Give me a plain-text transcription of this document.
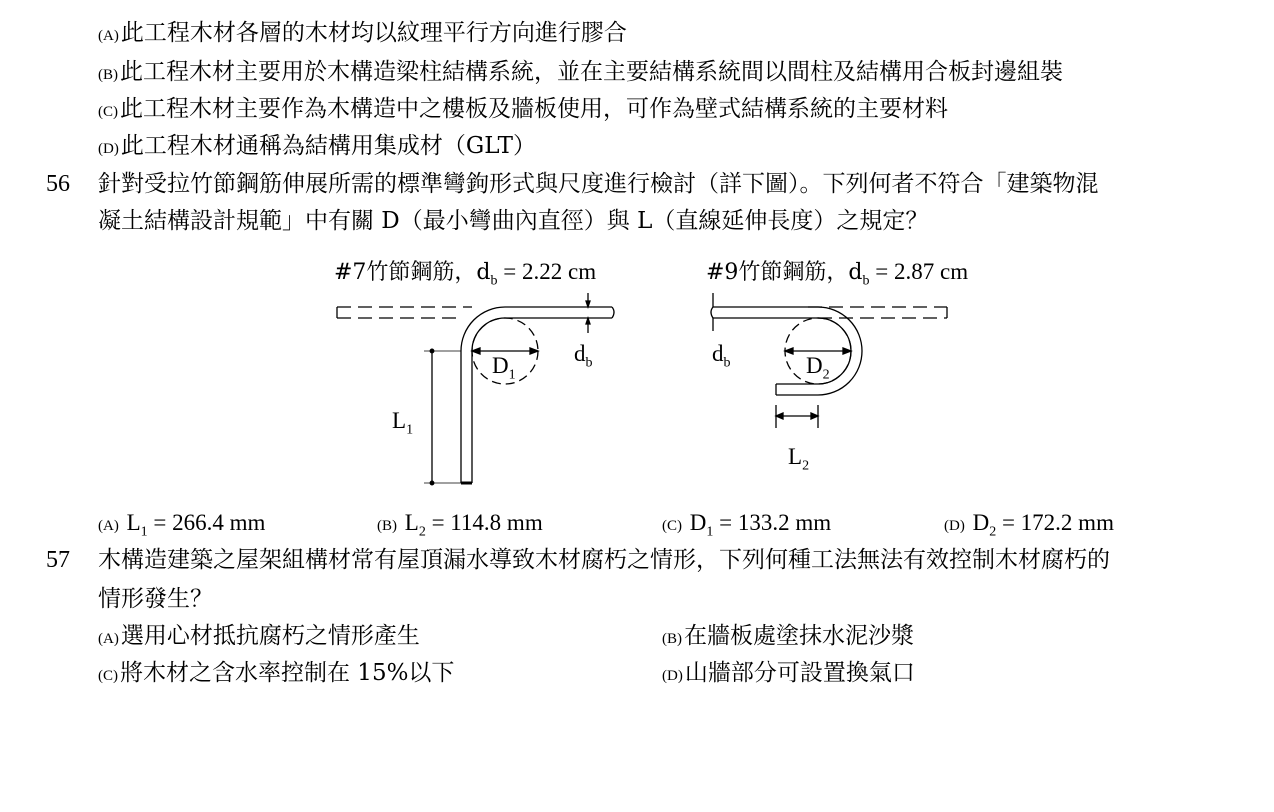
(A)此工程木材各層的木材均以紋理平行方向進行膠合
(B)此工程木材主要用於木構造梁柱結構系統，並在主要結構系統間以間柱及結構用合板封邊組裝
(C)此工程木材主要作為木構造中之樓板及牆板使用，可作為壁式結構系統的主要材料
(D)此工程木材通稱為結構用集成材（GLT）
56 針對受拉竹節鋼筋伸展所需的標準彎鉤形式與尺度進行檢討（詳下圖）。下列何者不符合「建築物混
凝土結構設計規範」中有關 D（最小彎曲內直徑）與 L（直線延伸長度）之規定？
#7竹節鋼筋，$d_b = 2.22$ cm	#9竹節鋼筋，$d_b = 2.87$ cm
$d_b$
$D_1$
$L_1$
$d_b$	$D_2$
$L_2$
(A) $L_1 = 266.4$ mm	(B) $L_2 = 114.8$ mm	(C) $D_1 = 133.2$ mm	(D) $D_2 = 172.2$ mm
57 木構造建築之屋架組構材常有屋頂漏水導致木材腐朽之情形，下列何種工法無法有效控制木材腐朽的
情形發生？
(A)選用心材抵抗腐朽之情形產生	(B)在牆板處塗抹水泥沙漿
(C)將木材之含水率控制在 15%以下	(D)山牆部分可設置換氣口
